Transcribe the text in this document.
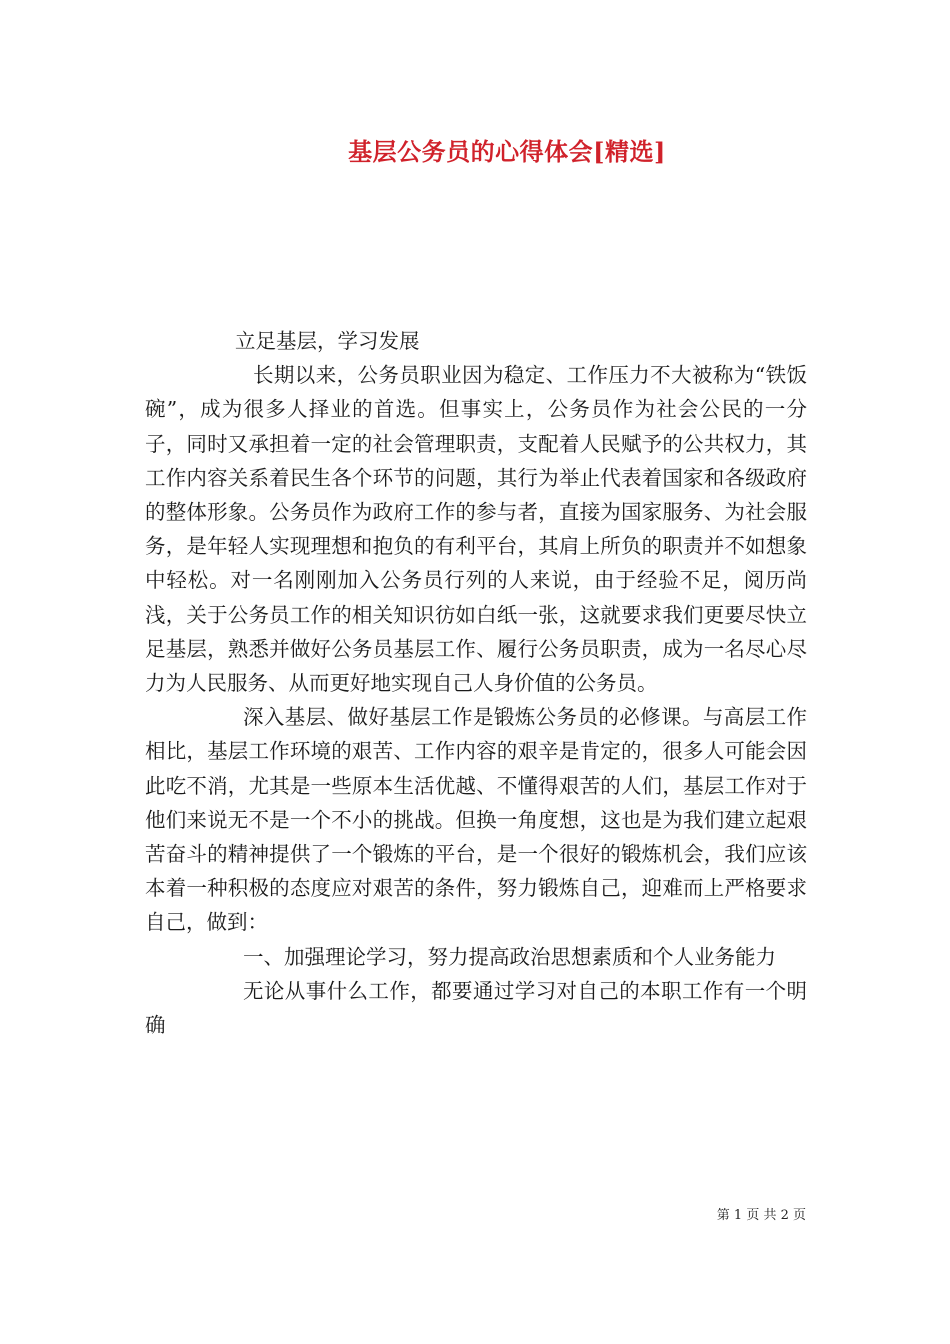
基层公务员的心得体会[精选]

立足基层，学习发展

长期以来，公务员职业因为稳定、工作压力不大被称为“铁饭碗”，成为很多人择业的首选。但事实上，公务员作为社会公民的一分子，同时又承担着一定的社会管理职责，支配着人民赋予的公共权力，其工作内容关系着民生各个环节的问题，其行为举止代表着国家和各级政府的整体形象。公务员作为政府工作的参与者，直接为国家服务、为社会服务，是年轻人实现理想和抱负的有利平台，其肩上所负的职责并不如想象中轻松。对一名刚刚加入公务员行列的人来说，由于经验不足，阅历尚浅，关于公务员工作的相关知识彷如白纸一张，这就要求我们更要尽快立足基层，熟悉并做好公务员基层工作、履行公务员职责，成为一名尽心尽力为人民服务、从而更好地实现自己人身价值的公务员。

深入基层、做好基层工作是锻炼公务员的必修课。与高层工作相比，基层工作环境的艰苦、工作内容的艰辛是肯定的，很多人可能会因此吃不消，尤其是一些原本生活优越、不懂得艰苦的人们，基层工作对于他们来说无不是一个不小的挑战。但换一角度想，这也是为我们建立起艰苦奋斗的精神提供了一个锻炼的平台，是一个很好的锻炼机会，我们应该本着一种积极的态度应对艰苦的条件，努力锻炼自己，迎难而上严格要求自己，做到：

一、加强理论学习，努力提高政治思想素质和个人业务能力

无论从事什么工作，都要通过学习对自己的本职工作有一个明确

第 1 页 共 2 页
